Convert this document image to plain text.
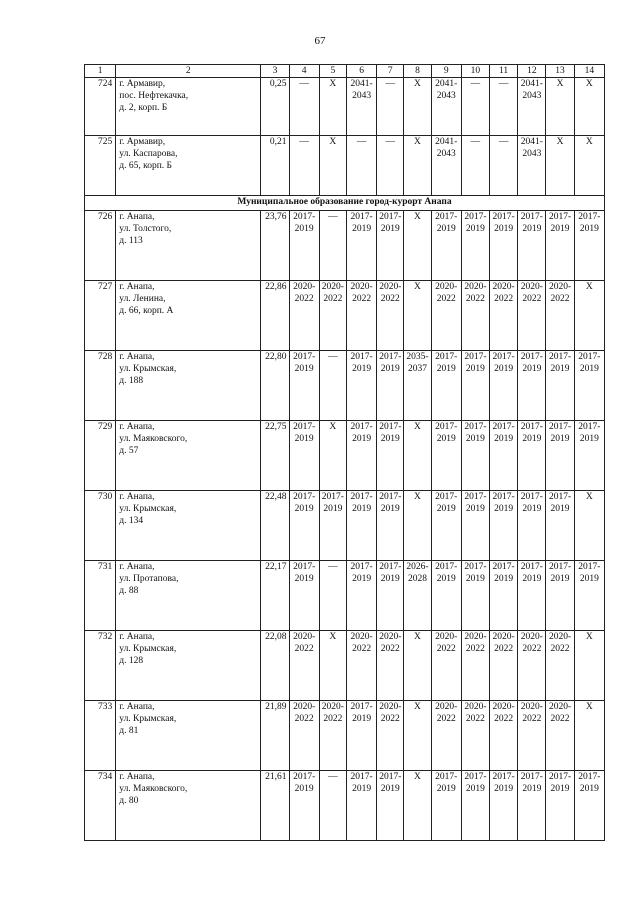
67
1	2	3	4	5	6	7	8	9	10	11	12	13	14
724	г. Армавир,
пос. Нефтекачка,
д. 2, корп. Б	0,25	—	X	2041-
2043	—	X	2041-
2043	—	—	2041-
2043	X	X

725	г. Армавир,
ул. Каспарова,
д. 65, корп. Б	0,21	—	X	—	—	X	2041-
2043	—	—	2041-
2043	X	X

Муниципальное образование город-курорт Анапа													
726	г. Анапа,
ул. Толстого,
д. 113	23,76	2017-
2019	—	2017-
2019	2017-
2019	X	2017-
2019	2017-
2019	2017-
2019	2017-
2019	2017-
2019	2017-
2019

727	г. Анапа,
ул. Ленина,
д. 66, корп. А	22,86	2020-
2022	2020-
2022	2020-
2022	2020-
2022	X	2020-
2022	2020-
2022	2020-
2022	2020-
2022	2020-
2022	X

728	г. Анапа,
ул. Крымская,
д. 188	22,80	2017-
2019	—	2017-
2019	2017-
2019	2035-
2037	2017-
2019	2017-
2019	2017-
2019	2017-
2019	2017-
2019	2017-
2019

729	г. Анапа,
ул. Маяковского,
д. 57	22,75	2017-
2019	X	2017-
2019	2017-
2019	X	2017-
2019	2017-
2019	2017-
2019	2017-
2019	2017-
2019	2017-
2019

730	г. Анапа,
ул. Крымская,
д. 134	22,48	2017-
2019	2017-
2019	2017-
2019	2017-
2019	X	2017-
2019	2017-
2019	2017-
2019	2017-
2019	2017-
2019	X

731	г. Анапа,
ул. Протапова,
д. 88	22,17	2017-
2019	—	2017-
2019	2017-
2019	2026-
2028	2017-
2019	2017-
2019	2017-
2019	2017-
2019	2017-
2019	2017-
2019

732	г. Анапа,
ул. Крымская,
д. 128	22,08	2020-
2022	X	2020-
2022	2020-
2022	X	2020-
2022	2020-
2022	2020-
2022	2020-
2022	2020-
2022	X

733	г. Анапа,
ул. Крымская,
д. 81	21,89	2020-
2022	2020-
2022	2017-
2019	2020-
2022	X	2020-
2022	2020-
2022	2020-
2022	2020-
2022	2020-
2022	X

734	г. Анапа,
ул. Маяковского,
д. 80	21,61	2017-
2019	—	2017-
2019	2017-
2019	X	2017-
2019	2017-
2019	2017-
2019	2017-
2019	2017-
2019	2017-
2019
